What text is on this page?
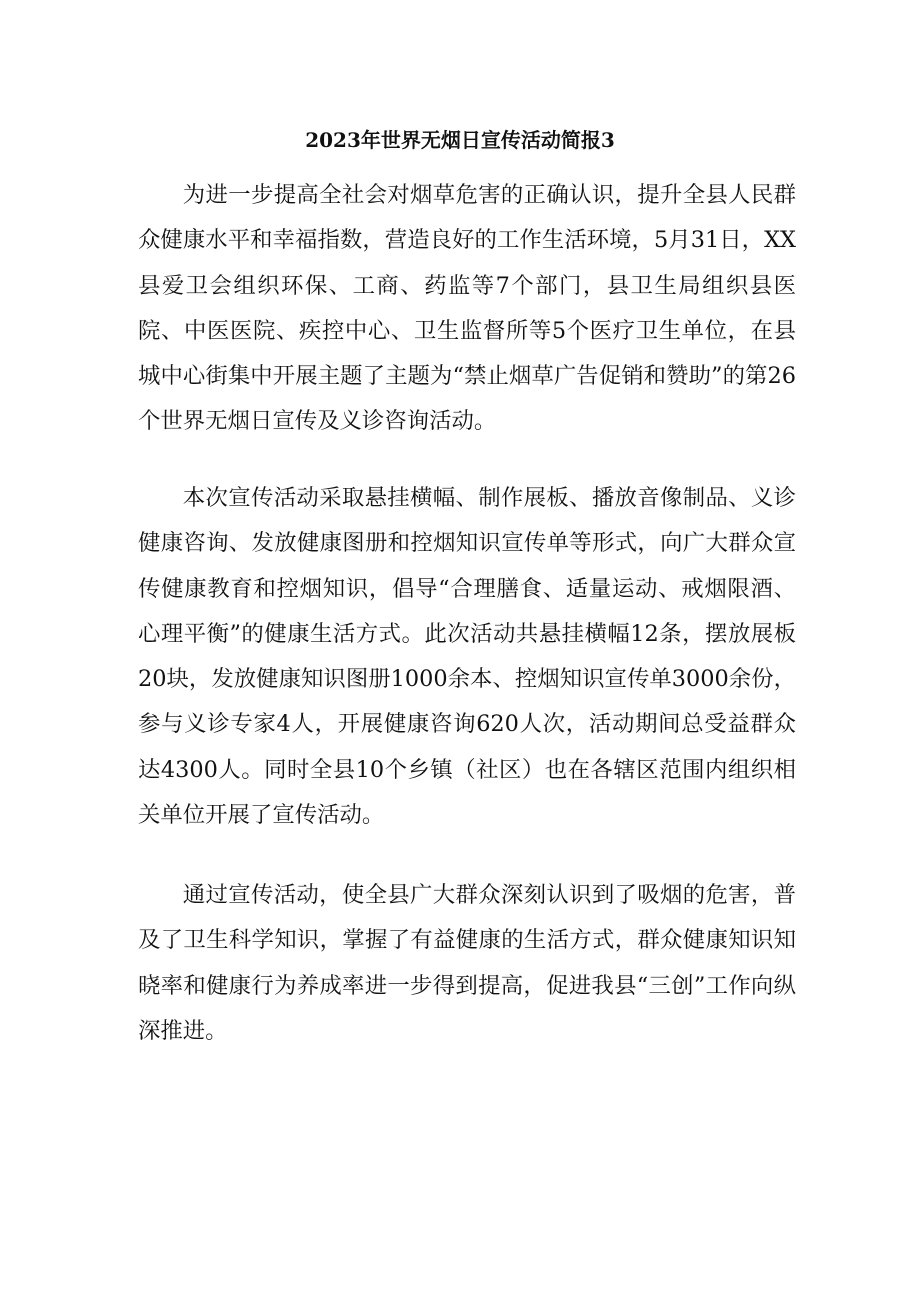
2023年世界无烟日宣传活动简报3

为进一步提高全社会对烟草危害的正确认识，提升全县人民群众健康水平和幸福指数，营造良好的工作生活环境，5月31日，XX县爱卫会组织环保、工商、药监等7个部门，县卫生局组织县医院、中医医院、疾控中心、卫生监督所等5个医疗卫生单位，在县城中心街集中开展主题了主题为“禁止烟草广告促销和赞助”的第26个世界无烟日宣传及义诊咨询活动。

本次宣传活动采取悬挂横幅、制作展板、播放音像制品、义诊健康咨询、发放健康图册和控烟知识宣传单等形式，向广大群众宣传健康教育和控烟知识，倡导“合理膳食、适量运动、戒烟限酒、心理平衡”的健康生活方式。此次活动共悬挂横幅12条，摆放展板20块，发放健康知识图册1000余本、控烟知识宣传单3000余份，参与义诊专家4人，开展健康咨询620人次，活动期间总受益群众达4300人。同时全县10个乡镇（社区）也在各辖区范围内组织相关单位开展了宣传活动。

通过宣传活动，使全县广大群众深刻认识到了吸烟的危害，普及了卫生科学知识，掌握了有益健康的生活方式，群众健康知识知晓率和健康行为养成率进一步得到提高，促进我县“三创”工作向纵深推进。
